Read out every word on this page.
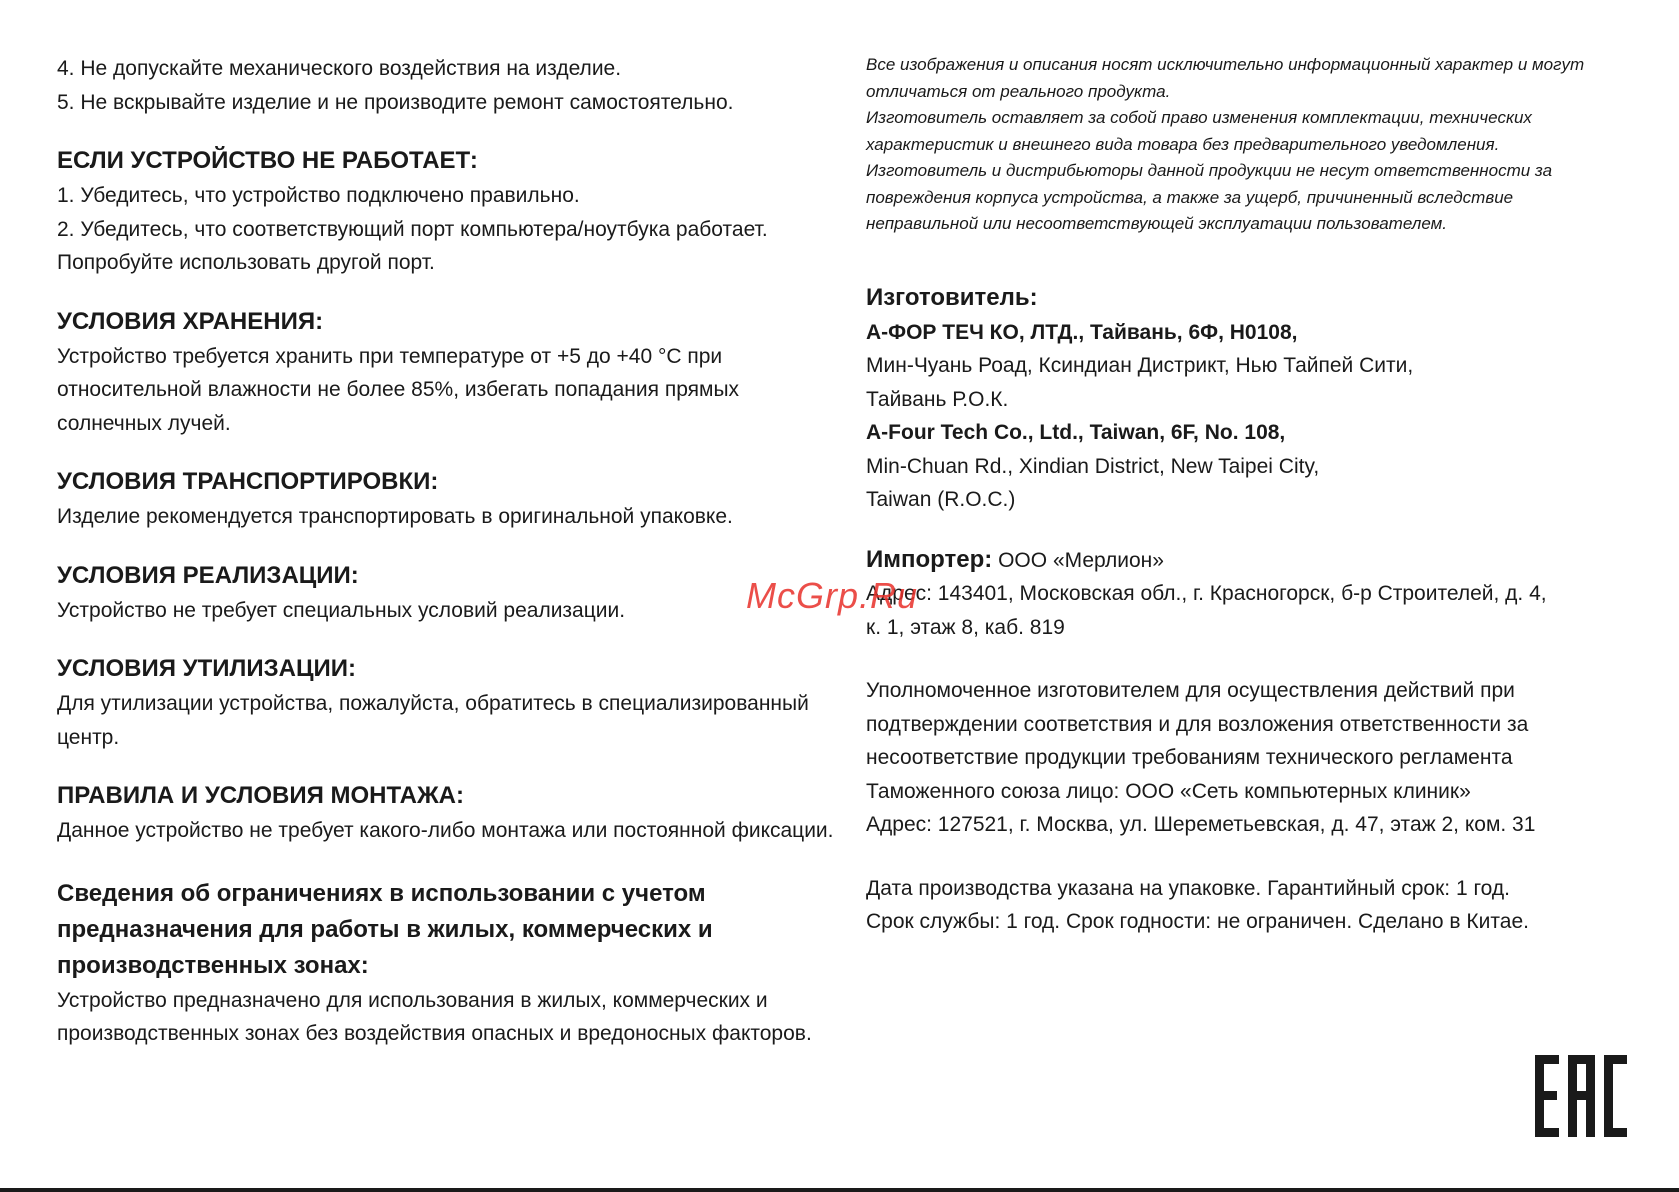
4. Не допускайте механического воздействия на изделие.
5. Не вскрывайте изделие и не производите ремонт самостоятельно.
ЕСЛИ УСТРОЙСТВО НЕ РАБОТАЕТ:
1. Убедитесь, что устройство подключено правильно.
2. Убедитесь, что соответствующий порт компьютера/ноутбука работает.
Попробуйте использовать другой порт.
УСЛОВИЯ ХРАНЕНИЯ:
Устройство требуется хранить при температуре от +5 до +40 °С при
относительной влажности не более 85%, избегать попадания прямых
солнечных лучей.
УСЛОВИЯ ТРАНСПОРТИРОВКИ:
Изделие рекомендуется транспортировать в оригинальной упаковке.
УСЛОВИЯ РЕАЛИЗАЦИИ:
Устройство не требует специальных условий реализации.
УСЛОВИЯ УТИЛИЗАЦИИ:
Для утилизации устройства, пожалуйста, обратитесь в специализированный
центр.
ПРАВИЛА И УСЛОВИЯ МОНТАЖА:
Данное устройство не требует какого-либо монтажа или постоянной фиксации.
Сведения об ограничениях в использовании с учетом
предназначения для работы в жилых, коммерческих и
производственных зонах:
Устройство предназначено для использования в жилых, коммерческих и
производственных зонах без воздействия опасных и вредоносных факторов.
Все изображения и описания носят исключительно информационный характер и могут
отличаться от реального продукта.
Изготовитель оставляет за собой право изменения комплектации, технических
характеристик и внешнего вида товара без предварительного уведомления.
Изготовитель и дистрибьюторы данной продукции не несут ответственности за
повреждения корпуса устройства, а также за ущерб, причиненный вследствие
неправильной или несоответствующей эксплуатации пользователем.
Изготовитель:
А-ФОР ТЕЧ КО, ЛТД., Тайвань, 6Ф, Н0108,
Мин-Чуань Роад, Ксиндиан Дистрикт, Нью Тайпей Сити,
Тайвань Р.О.К.
A-Four Tech Co., Ltd., Taiwan, 6F, No. 108,
Min-Chuan Rd., Xindian District, New Taipei City,
Taiwan (R.O.C.)
Импортер: ООО «Мерлион»
Адрес: 143401, Московская обл., г. Красногорск, б-р Строителей, д. 4,
к. 1, этаж 8, каб. 819
Уполномоченное изготовителем для осуществления действий при
подтверждении соответствия и для возложения ответственности за
несоответствие продукции требованиям технического регламента
Таможенного союза лицо: ООО «Сеть компьютерных клиник»
Адрес: 127521, г. Москва, ул. Шереметьевская, д. 47, этаж 2, ком. 31
Дата производства указана на упаковке. Гарантийный срок: 1 год.
Срок службы: 1 год. Срок годности: не ограничен. Сделано в Китае.
McGrp.Ru
